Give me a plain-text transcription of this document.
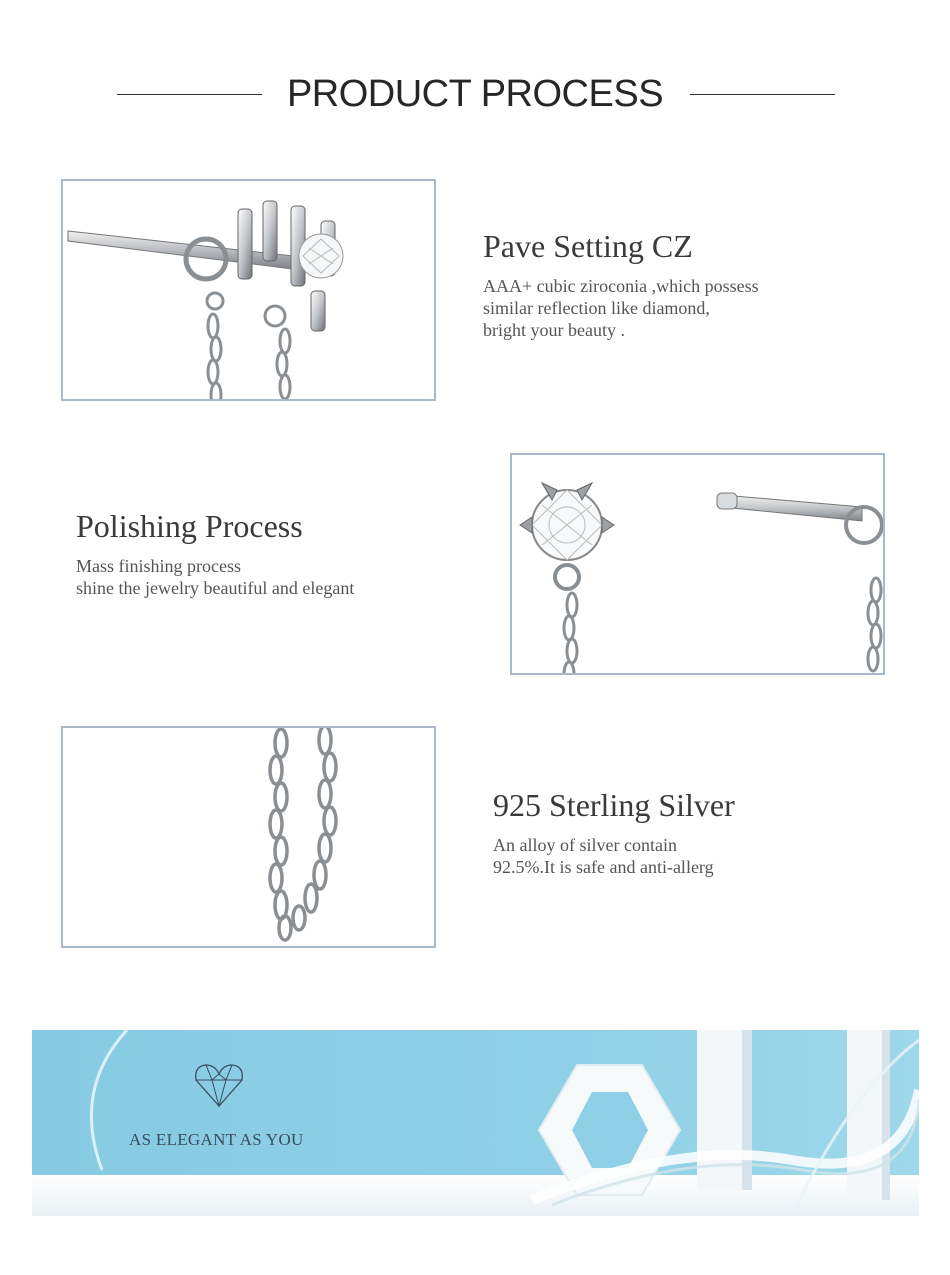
PRODUCT PROCESS
Pave Setting CZ

AAA+ cubic ziroconia ,which possess
similar reflection like diamond,
bright your beauty .

Polishing Process

Mass finishing process
shine the jewelry beautiful and elegant

925 Sterling Silver

An alloy of silver contain
92.5%.It is safe and anti-allerg

AS ELEGANT AS YOU
